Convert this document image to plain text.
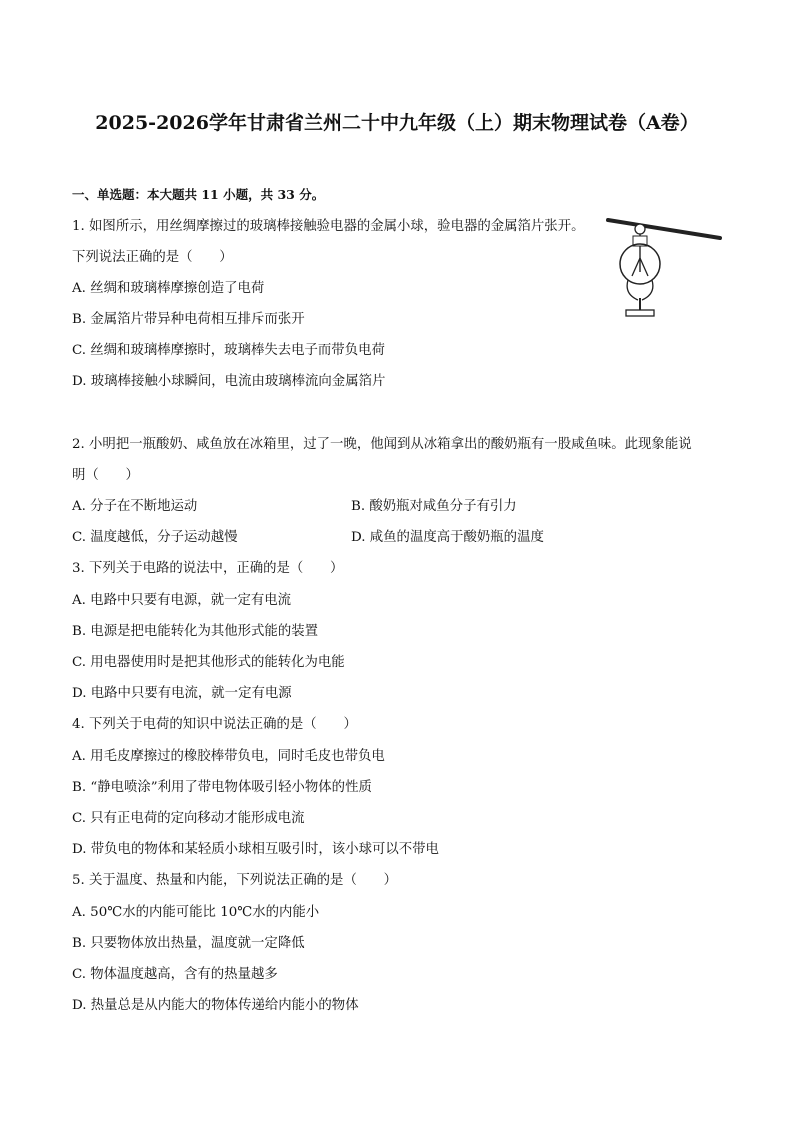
2025-2026学年甘肃省兰州二十中九年级（上）期末物理试卷（A卷）
一、单选题：本大题共 11 小题，共 33 分。
1. 如图所示，用丝绸摩擦过的玻璃棒接触验电器的金属小球，验电器的金属箔片张开。
下列说法正确的是（　　）
A. 丝绸和玻璃棒摩擦创造了电荷
B. 金属箔片带异种电荷相互排斥而张开
C. 丝绸和玻璃棒摩擦时，玻璃棒失去电子而带负电荷
D. 玻璃棒接触小球瞬间，电流由玻璃棒流向金属箔片
2. 小明把一瓶酸奶、咸鱼放在冰箱里，过了一晚，他闻到从冰箱拿出的酸奶瓶有一股咸鱼味。此现象能说
明（　　）
A. 分子在不断地运动	B. 酸奶瓶对咸鱼分子有引力
C. 温度越低，分子运动越慢	D. 咸鱼的温度高于酸奶瓶的温度
3. 下列关于电路的说法中，正确的是（　　）
A. 电路中只要有电源，就一定有电流
B. 电源是把电能转化为其他形式能的装置
C. 用电器使用时是把其他形式的能转化为电能
D. 电路中只要有电流，就一定有电源
4. 下列关于电荷的知识中说法正确的是（　　）
A. 用毛皮摩擦过的橡胶棒带负电，同时毛皮也带负电
B. “静电喷涂”利用了带电物体吸引轻小物体的性质
C. 只有正电荷的定向移动才能形成电流
D. 带负电的物体和某轻质小球相互吸引时，该小球可以不带电
5. 关于温度、热量和内能，下列说法正确的是（　　）
A. 50℃水的内能可能比 10℃水的内能小
B. 只要物体放出热量，温度就一定降低
C. 物体温度越高，含有的热量越多
D. 热量总是从内能大的物体传递给内能小的物体
